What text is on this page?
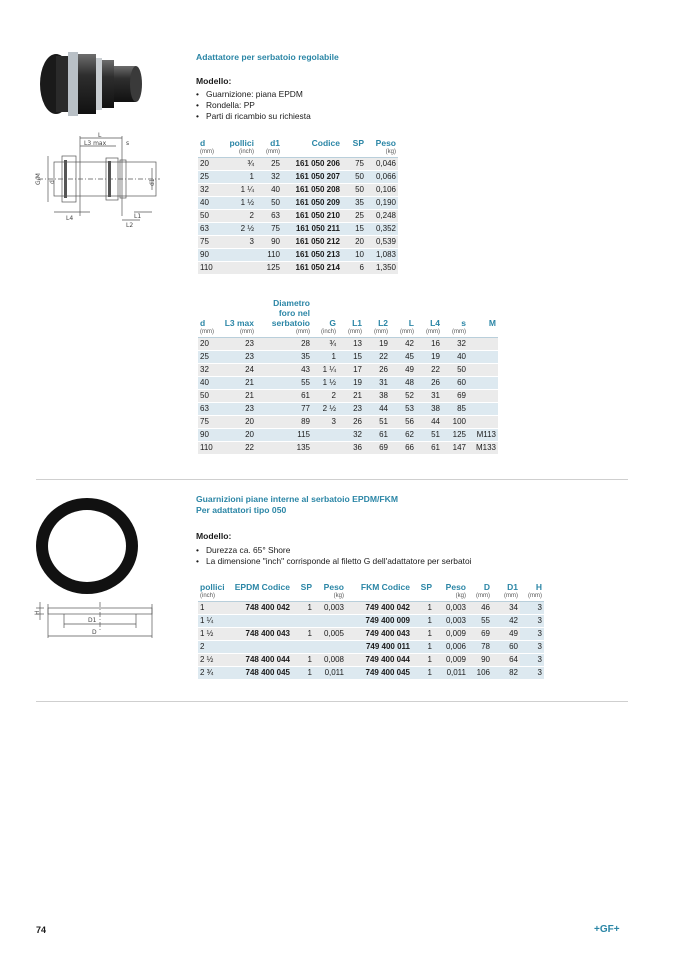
L
L3 max	s
G/M d	d1
L4	L1
L2
Adattatore per serbatoio regolabile
Modello:
• Guarnizione: piana EPDM
• Rondella: PP
• Parti di ricambio su richiesta
d	pollici	d1	Codice	SP	Peso
(mm)	(inch)	(mm)			(kg)
20	¾	25	161 050 206	75	0,046
25	1	32	161 050 207	50	0,066
32	1 ¼	40	161 050 208	50	0,106
40	1 ½	50	161 050 209	35	0,190
50	2	63	161 050 210	25	0,248
63	2 ½	75	161 050 211	15	0,352
75	3	90	161 050 212	20	0,539
90		110	161 050 213	10	1,083
110		125	161 050 214	6	1,350
d	L3 max	Diametro foro nel serbatoio	G	L1	L2	L	L4	s	M
(mm)	(mm)	(mm)	(inch)	(mm)	(mm)	(mm)	(mm)	(mm)	
20	23	28	¾	13	19	42	16	32	
25	23	35	1	15	22	45	19	40	
32	24	43	1 ¼	17	26	49	22	50	
40	21	55	1 ½	19	31	48	26	60	
50	21	61	2	21	38	52	31	69	
63	23	77	2 ½	23	44	53	38	85	
75	20	89	3	26	51	56	44	100	
90	20	115		32	61	62	51	125	M113
110	22	135		36	69	66	61	147	M133
H
D1
D
Guarnizioni piane interne al serbatoio EPDM/FKM
Per adattatori tipo 050
Modello:
• Durezza ca. 65° Shore
• La dimensione "inch" corrisponde al filetto G dell'adattatore per serbatoi
pollici	EPDM Codice	SP	Peso	FKM Codice	SP	Peso	D	D1	H
(inch)			(kg)			(kg)	(mm)	(mm)	(mm)
1	748 400 042	1	0,003	749 400 042	1	0,003	46	34	3
1 ¼				749 400 009	1	0,003	55	42	3
1 ½	748 400 043	1	0,005	749 400 043	1	0,009	69	49	3
2				749 400 011	1	0,006	78	60	3
2 ½	748 400 044	1	0,008	749 400 044	1	0,009	90	64	3
2 ¾	748 400 045	1	0,011	749 400 045	1	0,011	106	82	3
74	+GF+
